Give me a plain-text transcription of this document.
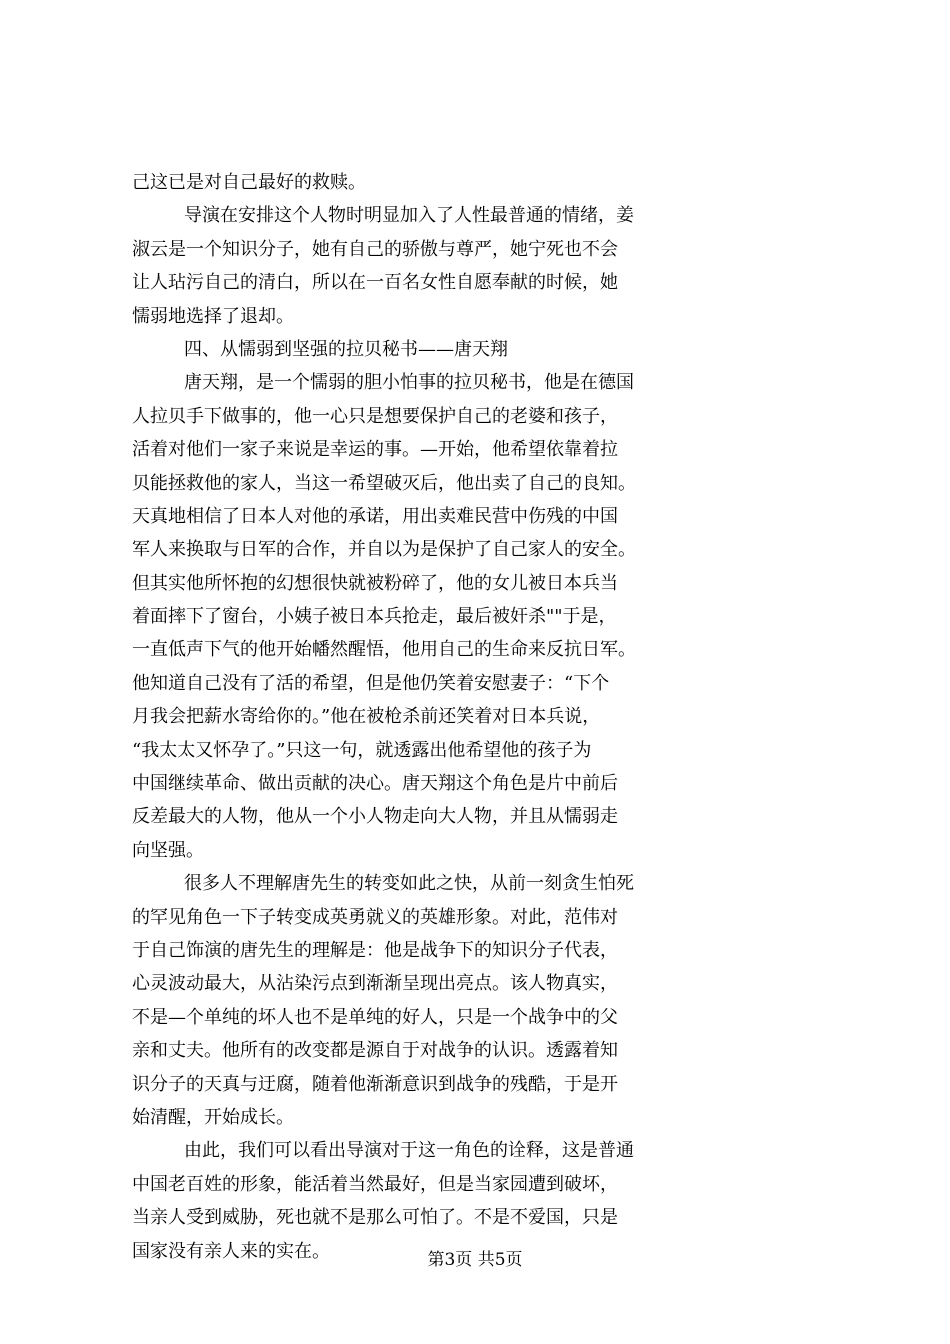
己这已是对自己最好的救赎。
导演在安排这个人物时明显加入了人性最普通的情绪，姜
淑云是一个知识分子，她有自己的骄傲与尊严，她宁死也不会
让人玷污自己的清白，所以在一百名女性自愿奉献的时候，她
懦弱地选择了退却。
四、从懦弱到坚强的拉贝秘书——唐天翔
唐天翔，是一个懦弱的胆小怕事的拉贝秘书，他是在德国
人拉贝手下做事的，他一心只是想要保护自己的老婆和孩子，
活着对他们一家子来说是幸运的事。—开始，他希望依靠着拉
贝能拯救他的家人，当这一希望破灭后，他出卖了自己的良知。
天真地相信了日本人对他的承诺，用出卖难民营中伤残的中国
军人来换取与日军的合作，并自以为是保护了自己家人的安全。
但其实他所怀抱的幻想很快就被粉碎了，他的女儿被日本兵当
着面摔下了窗台，小姨子被日本兵抢走，最后被奸杀""于是，
一直低声下气的他开始幡然醒悟，他用自己的生命来反抗日军。
他知道自己没有了活的希望，但是他仍笑着安慰妻子：“下个
月我会把薪水寄给你的。”他在被枪杀前还笑着对日本兵说，
“我太太又怀孕了。”只这一句，就透露出他希望他的孩子为
中国继续革命、做出贡献的决心。唐天翔这个角色是片中前后
反差最大的人物，他从一个小人物走向大人物，并且从懦弱走
向坚强。
很多人不理解唐先生的转变如此之快，从前一刻贪生怕死
的罕见角色一下子转变成英勇就义的英雄形象。对此，范伟对
于自己饰演的唐先生的理解是：他是战争下的知识分子代表，
心灵波动最大，从沾染污点到渐渐呈现出亮点。该人物真实，
不是—个单纯的坏人也不是单纯的好人，只是一个战争中的父
亲和丈夫。他所有的改变都是源自于对战争的认识。透露着知
识分子的天真与迂腐，随着他渐渐意识到战争的残酷，于是开
始清醒，开始成长。
由此，我们可以看出导演对于这一角色的诠释，这是普通
中国老百姓的形象，能活着当然最好，但是当家园遭到破坏，
当亲人受到威胁，死也就不是那么可怕了。不是不爱国，只是
国家没有亲人来的实在。	第3页 共5页
